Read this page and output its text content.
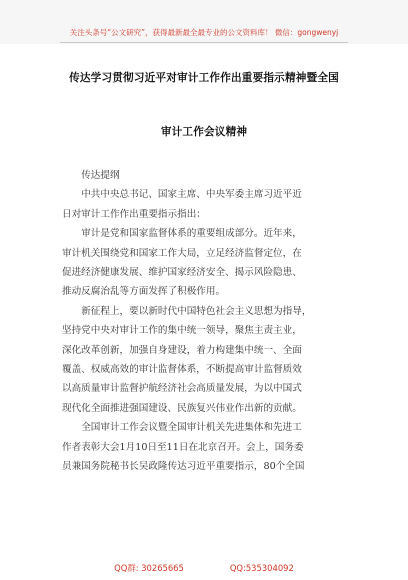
关注头条号“公文研究”，获得最新最全最专业的公文资料库！ 微信：gongwenyj
传达学习贯彻习近平对审计工作作出重要指示精神暨全国
审计工作会议精神

传达提纲

中共中央总书记、国家主席、中央军委主席习近平近
日对审计工作作出重要指示指出：

审计是党和国家监督体系的重要组成部分。近年来，
审计机关围绕党和国家工作大局，立足经济监督定位，在
促进经济健康发展、维护国家经济安全、揭示风险隐患、
推动反腐治乱等方面发挥了积极作用。

新征程上，要以新时代中国特色社会主义思想为指导，
坚持党中央对审计工作的集中统一领导，聚焦主责主业，
深化改革创新，加强自身建设，着力构建集中统一、全面
覆盖、权威高效的审计监督体系，不断提高审计监督质效
以高质量审计监督护航经济社会高质量发展，为以中国式
现代化全面推进强国建设、民族复兴伟业作出新的贡献。

全国审计工作会议暨全国审计机关先进集体和先进工
作者表彰大会1月10日至11日在北京召开。会上，国务委
员兼国务院秘书长吴政隆传达习近平重要指示，80个全国

QQ群: 30265665	QQ:535304092
